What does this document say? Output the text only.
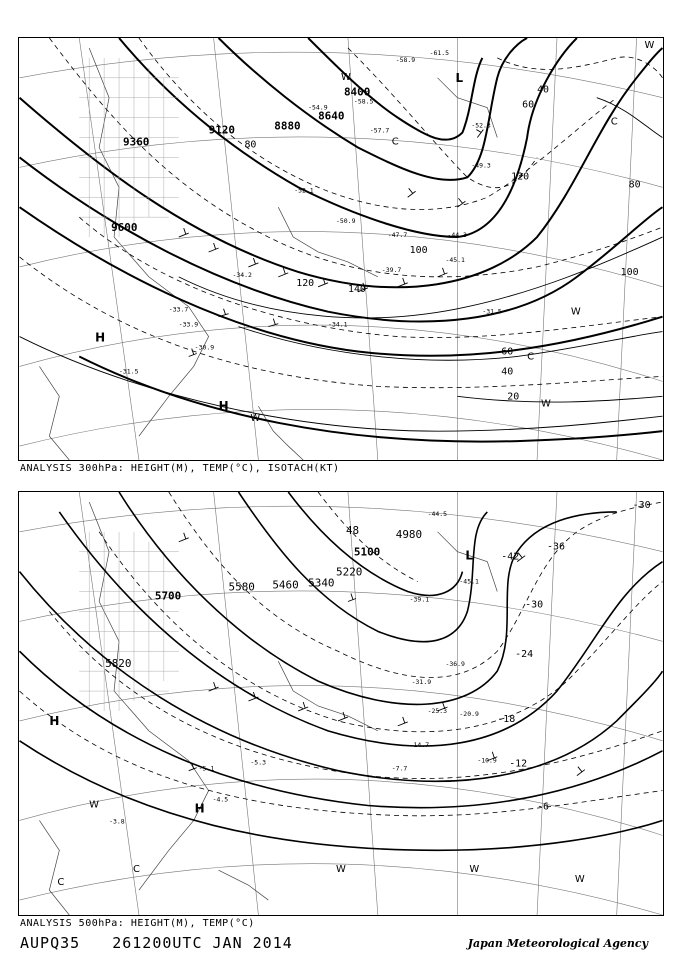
9360
9120	8880
8640
8400
9600
80
120
140
100
60
40
20
40
60
80
100
120
-58.5
-57.7
-52.1
-50.9
-47.7
-45.1
-39.7
-34.2
-31.5
-33.9
-30.9
-31.5
-54.9
-58.9
-61.5
-52.3
-49.3
-44.3
-33.7
-34.1
L
H
H
W
C
C
W
W
C
W
W
ANALYSIS 300hPa: HEIGHT(M), TEMP(°C), ISOTACH(KT)
5700
5580 5460 5340
5220
5100
4980
48
5820
-30
-36
-42
-30
-24
-18
-12
-6
-44.5
-39.1
-45.1
-36.9
-31.9
-25.3 -20.9
-14.7
-10.9
-7.7
-5.1
-4.5
-5.3
-3.8
L
H
H
W
C
C	W	W
W
ANALYSIS 500hPa: HEIGHT(M), TEMP(°C)
AUPQ35 261200UTC JAN 2014	Japan Meteorological Agency
